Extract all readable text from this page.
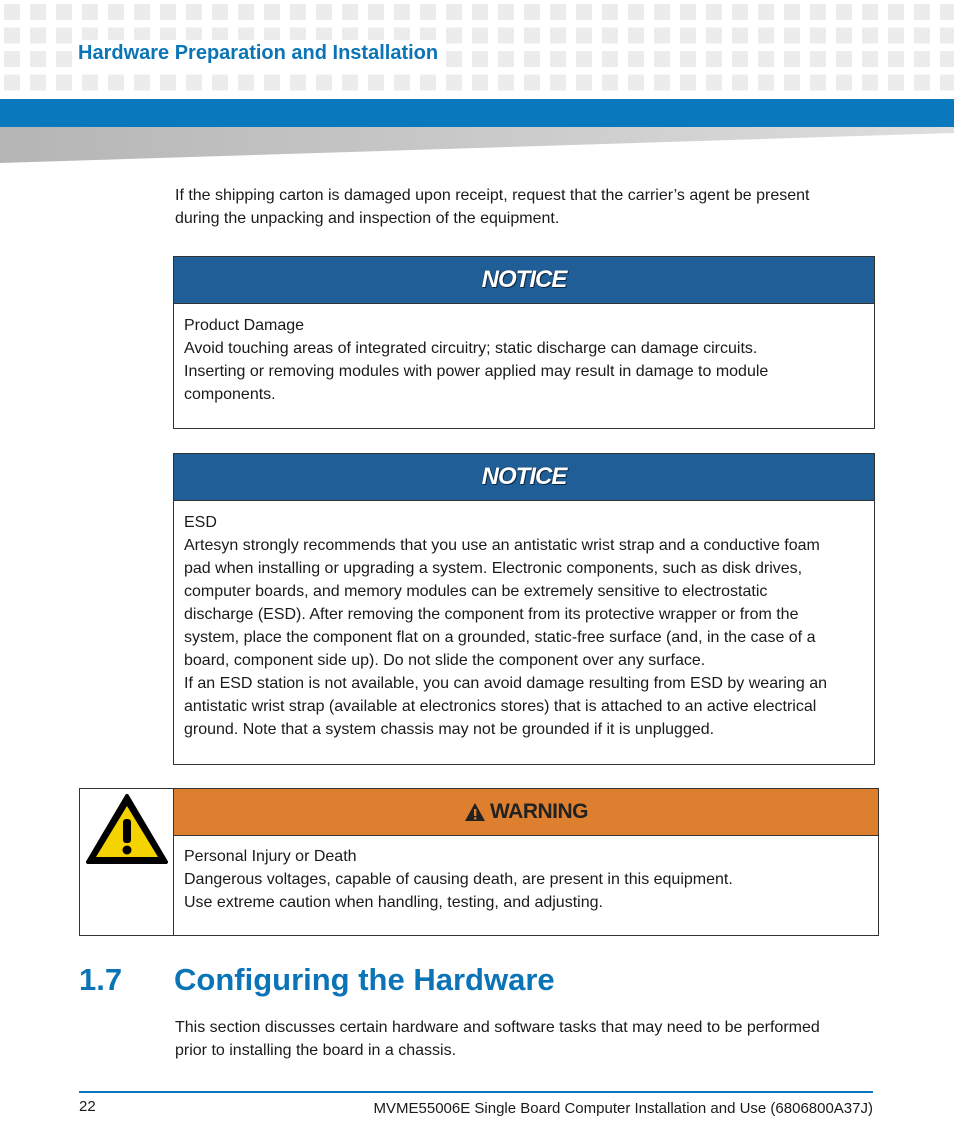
Hardware Preparation and Installation
If the shipping carton is damaged upon receipt, request that the carrier’s agent be present
during the unpacking and inspection of the equipment.
NOTICE
Product Damage
Avoid touching areas of integrated circuitry; static discharge can damage circuits.
Inserting or removing modules with power applied may result in damage to module
components.
NOTICE
ESD
Artesyn strongly recommends that you use an antistatic wrist strap and a conductive foam
pad when installing or upgrading a system. Electronic components, such as disk drives,
computer boards, and memory modules can be extremely sensitive to electrostatic
discharge (ESD). After removing the component from its protective wrapper or from the
system, place the component flat on a grounded, static-free surface (and, in the case of a
board, component side up). Do not slide the component over any surface.
If an ESD station is not available, you can avoid damage resulting from ESD by wearing an
antistatic wrist strap (available at electronics stores) that is attached to an active electrical
ground. Note that a system chassis may not be grounded if it is unplugged.
WARNING
Personal Injury or Death
Dangerous voltages, capable of causing death, are present in this equipment.
Use extreme caution when handling, testing, and adjusting.
1.7 Configuring the Hardware
This section discusses certain hardware and software tasks that may need to be performed
prior to installing the board in a chassis.
22	MVME55006E Single Board Computer Installation and Use (6806800A37J)
